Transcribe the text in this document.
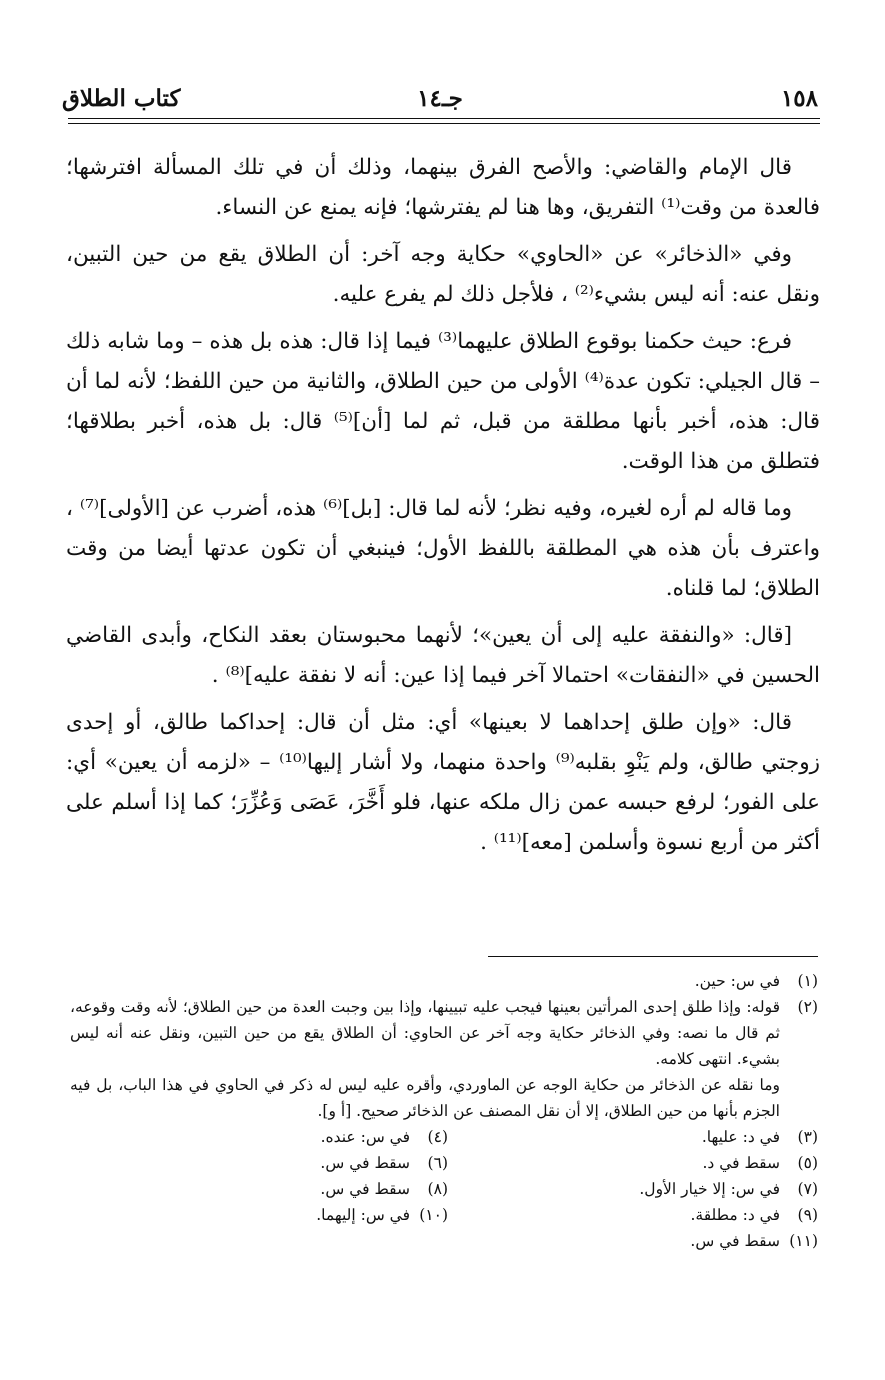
١٥٨
جـ١٤
كتاب الطلاق

قال الإمام والقاضي: والأصح الفرق بينهما، وذلك أن في تلك المسألة افترشها؛ فالعدة من وقت⁽¹⁾ التفريق، وها هنا لم يفترشها؛ فإنه يمنع عن النساء.

وفي «الذخائر» عن «الحاوي» حكاية وجه آخر: أن الطلاق يقع من حين التبين، ونقل عنه: أنه ليس بشيء⁽²⁾ ، فلأجل ذلك لم يفرع عليه.

فرع: حيث حكمنا بوقوع الطلاق عليهما⁽³⁾ فيما إذا قال: هذه بل هذه – وما شابه ذلك – قال الجيلي: تكون عدة⁽⁴⁾ الأولى من حين الطلاق، والثانية من حين اللفظ؛ لأنه لما أن قال: هذه، أخبر بأنها مطلقة من قبل، ثم لما [أن]⁽⁵⁾ قال: بل هذه، أخبر بطلاقها؛ فتطلق من هذا الوقت.

وما قاله لم أره لغيره، وفيه نظر؛ لأنه لما قال: [بل]⁽⁶⁾ هذه، أضرب عن [الأولى]⁽⁷⁾ ، واعترف بأن هذه هي المطلقة باللفظ الأول؛ فينبغي أن تكون عدتها أيضا من وقت الطلاق؛ لما قلناه.

[قال: «والنفقة عليه إلى أن يعين»؛ لأنهما محبوستان بعقد النكاح، وأبدى القاضي الحسين في «النفقات» احتمالا آخر فيما إذا عين: أنه لا نفقة عليه]⁽⁸⁾ .

قال: «وإن طلق إحداهما لا بعينها» أي: مثل أن قال: إحداكما طالق، أو إحدى زوجتي طالق، ولم يَنْوِ بقلبه⁽⁹⁾ واحدة منهما، ولا أشار إليها⁽¹⁰⁾ – «لزمه أن يعين» أي: على الفور؛ لرفع حبسه عمن زال ملكه عنها، فلو أَخَّرَ، عَصَى وَعُزِّرَ؛ كما إذا أسلم على أكثر من أربع نسوة وأسلمن [معه]⁽¹¹⁾ .

(١)
في س: حين.
(٢)
قوله: وإذا طلق إحدى المرأتين بعينها فيجب عليه تبيينها، وإذا بين وجبت العدة من حين الطلاق؛ لأنه وقت وقوعه، ثم قال ما نصه: وفي الذخائر حكاية وجه آخر عن الحاوي: أن الطلاق يقع من حين التبين، ونقل عنه أنه ليس بشيء. انتهى كلامه.
وما نقله عن الذخائر من حكاية الوجه عن الماوردي، وأقره عليه ليس له ذكر في الحاوي في هذا الباب، بل فيه الجزم بأنها من حين الطلاق، إلا أن نقل المصنف عن الذخائر صحيح. [أ و].
(٣)
في د: عليها.
(٤)
في س: عنده.
(٥)
سقط في د.
(٦)
سقط في س.
(٧)
في س: إلا خيار الأول.
(٨)
سقط في س.
(٩)
في د: مطلقة.
(١٠)
في س: إليهما.
(١١)
سقط في س.
